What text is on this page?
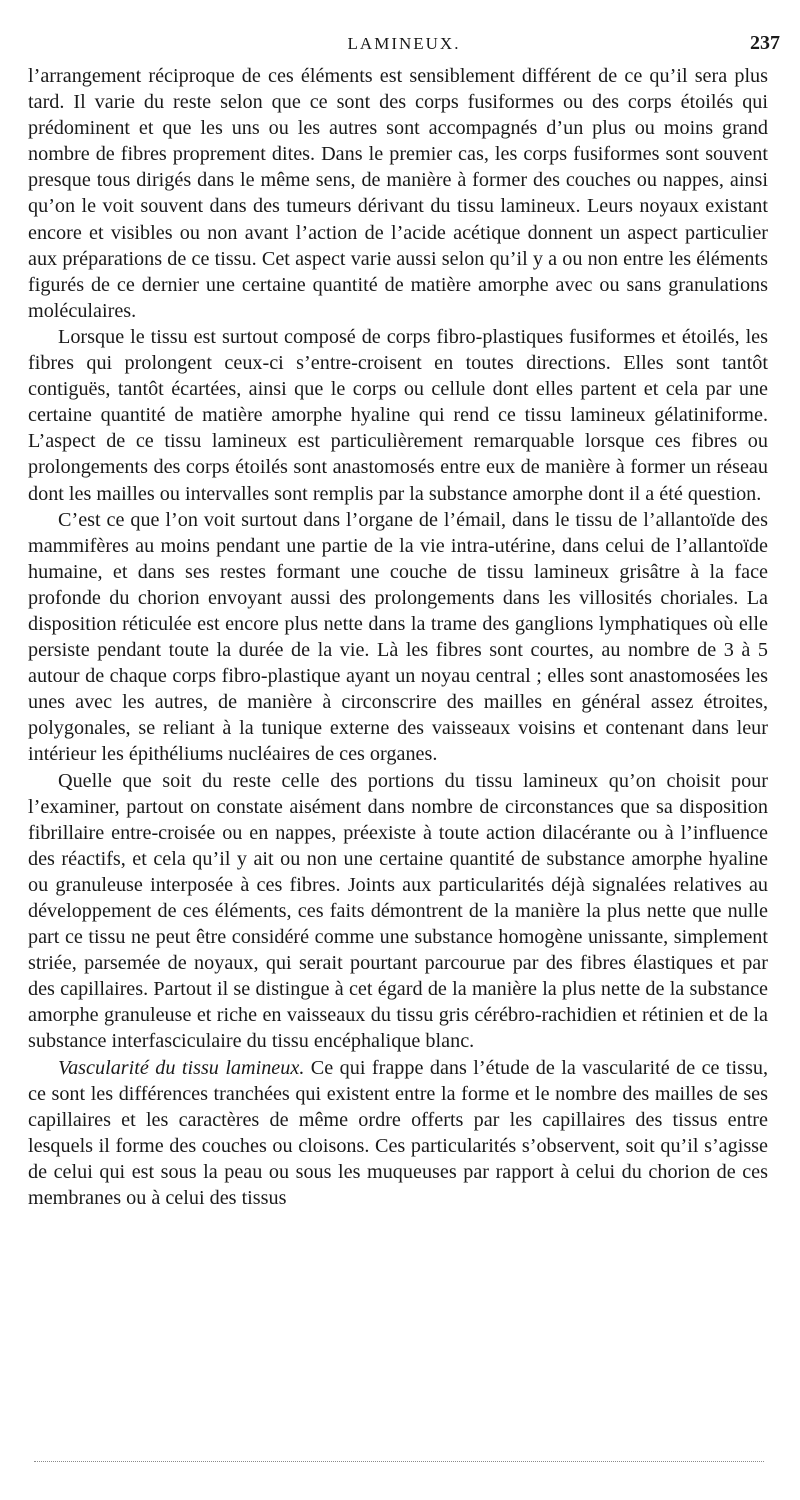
LAMINEUX.	237

l’arrangement réciproque de ces éléments est sensiblement différent de ce qu’il sera plus tard. Il varie du reste selon que ce sont des corps fusiformes ou des corps étoilés qui prédominent et que les uns ou les autres sont accompagnés d’un plus ou moins grand nombre de fibres proprement dites. Dans le premier cas, les corps fusiformes sont souvent presque tous dirigés dans le même sens, de manière à former des couches ou nappes, ainsi qu’on le voit souvent dans des tumeurs dérivant du tissu lamineux. Leurs noyaux existant encore et visibles ou non avant l’action de l’acide acétique donnent un aspect particulier aux préparations de ce tissu. Cet aspect varie aussi selon qu’il y a ou non entre les éléments figurés de ce dernier une certaine quantité de matière amorphe avec ou sans granulations moléculaires.

Lorsque le tissu est surtout composé de corps fibro-plastiques fusiformes et étoilés, les fibres qui prolongent ceux-ci s’entre-croisent en toutes directions. Elles sont tantôt contiguës, tantôt écartées, ainsi que le corps ou cellule dont elles partent et cela par une certaine quantité de matière amorphe hyaline qui rend ce tissu lamineux gélatiniforme. L’aspect de ce tissu lamineux est particulièrement remarquable lorsque ces fibres ou prolongements des corps étoilés sont anastomosés entre eux de manière à former un réseau dont les mailles ou intervalles sont remplis par la substance amorphe dont il a été question.

C’est ce que l’on voit surtout dans l’organe de l’émail, dans le tissu de l’allantoïde des mammifères au moins pendant une partie de la vie intra-utérine, dans celui de l’allantoïde humaine, et dans ses restes formant une couche de tissu lamineux grisâtre à la face profonde du chorion envoyant aussi des prolongements dans les villosités choriales. La disposition réticulée est encore plus nette dans la trame des ganglions lymphatiques où elle persiste pendant toute la durée de la vie. Là les fibres sont courtes, au nombre de 3 à 5 autour de chaque corps fibro-plastique ayant un noyau central ; elles sont anastomosées les unes avec les autres, de manière à circonscrire des mailles en général assez étroites, polygonales, se reliant à la tunique externe des vaisseaux voisins et contenant dans leur intérieur les épithéliums nucléaires de ces organes.

Quelle que soit du reste celle des portions du tissu lamineux qu’on choisit pour l’examiner, partout on constate aisément dans nombre de circonstances que sa disposition fibrillaire entre-croisée ou en nappes, préexiste à toute action dilacérante ou à l’influence des réactifs, et cela qu’il y ait ou non une certaine quantité de substance amorphe hyaline ou granuleuse interposée à ces fibres. Joints aux particularités déjà signalées relatives au développement de ces éléments, ces faits démontrent de la manière la plus nette que nulle part ce tissu ne peut être considéré comme une substance homogène unissante, simplement striée, parsemée de noyaux, qui serait pourtant parcourue par des fibres élastiques et par des capillaires. Partout il se distingue à cet égard de la manière la plus nette de la substance amorphe granuleuse et riche en vaisseaux du tissu gris cérébro-rachidien et rétinien et de la substance interfasciculaire du tissu encéphalique blanc.

Vascularité du tissu lamineux. Ce qui frappe dans l’étude de la vascularité de ce tissu, ce sont les différences tranchées qui existent entre la forme et le nombre des mailles de ses capillaires et les caractères de même ordre offerts par les capillaires des tissus entre lesquels il forme des couches ou cloisons. Ces particularités s’observent, soit qu’il s’agisse de celui qui est sous la peau ou sous les muqueuses par rapport à celui du chorion de ces membranes ou à celui des tissus
